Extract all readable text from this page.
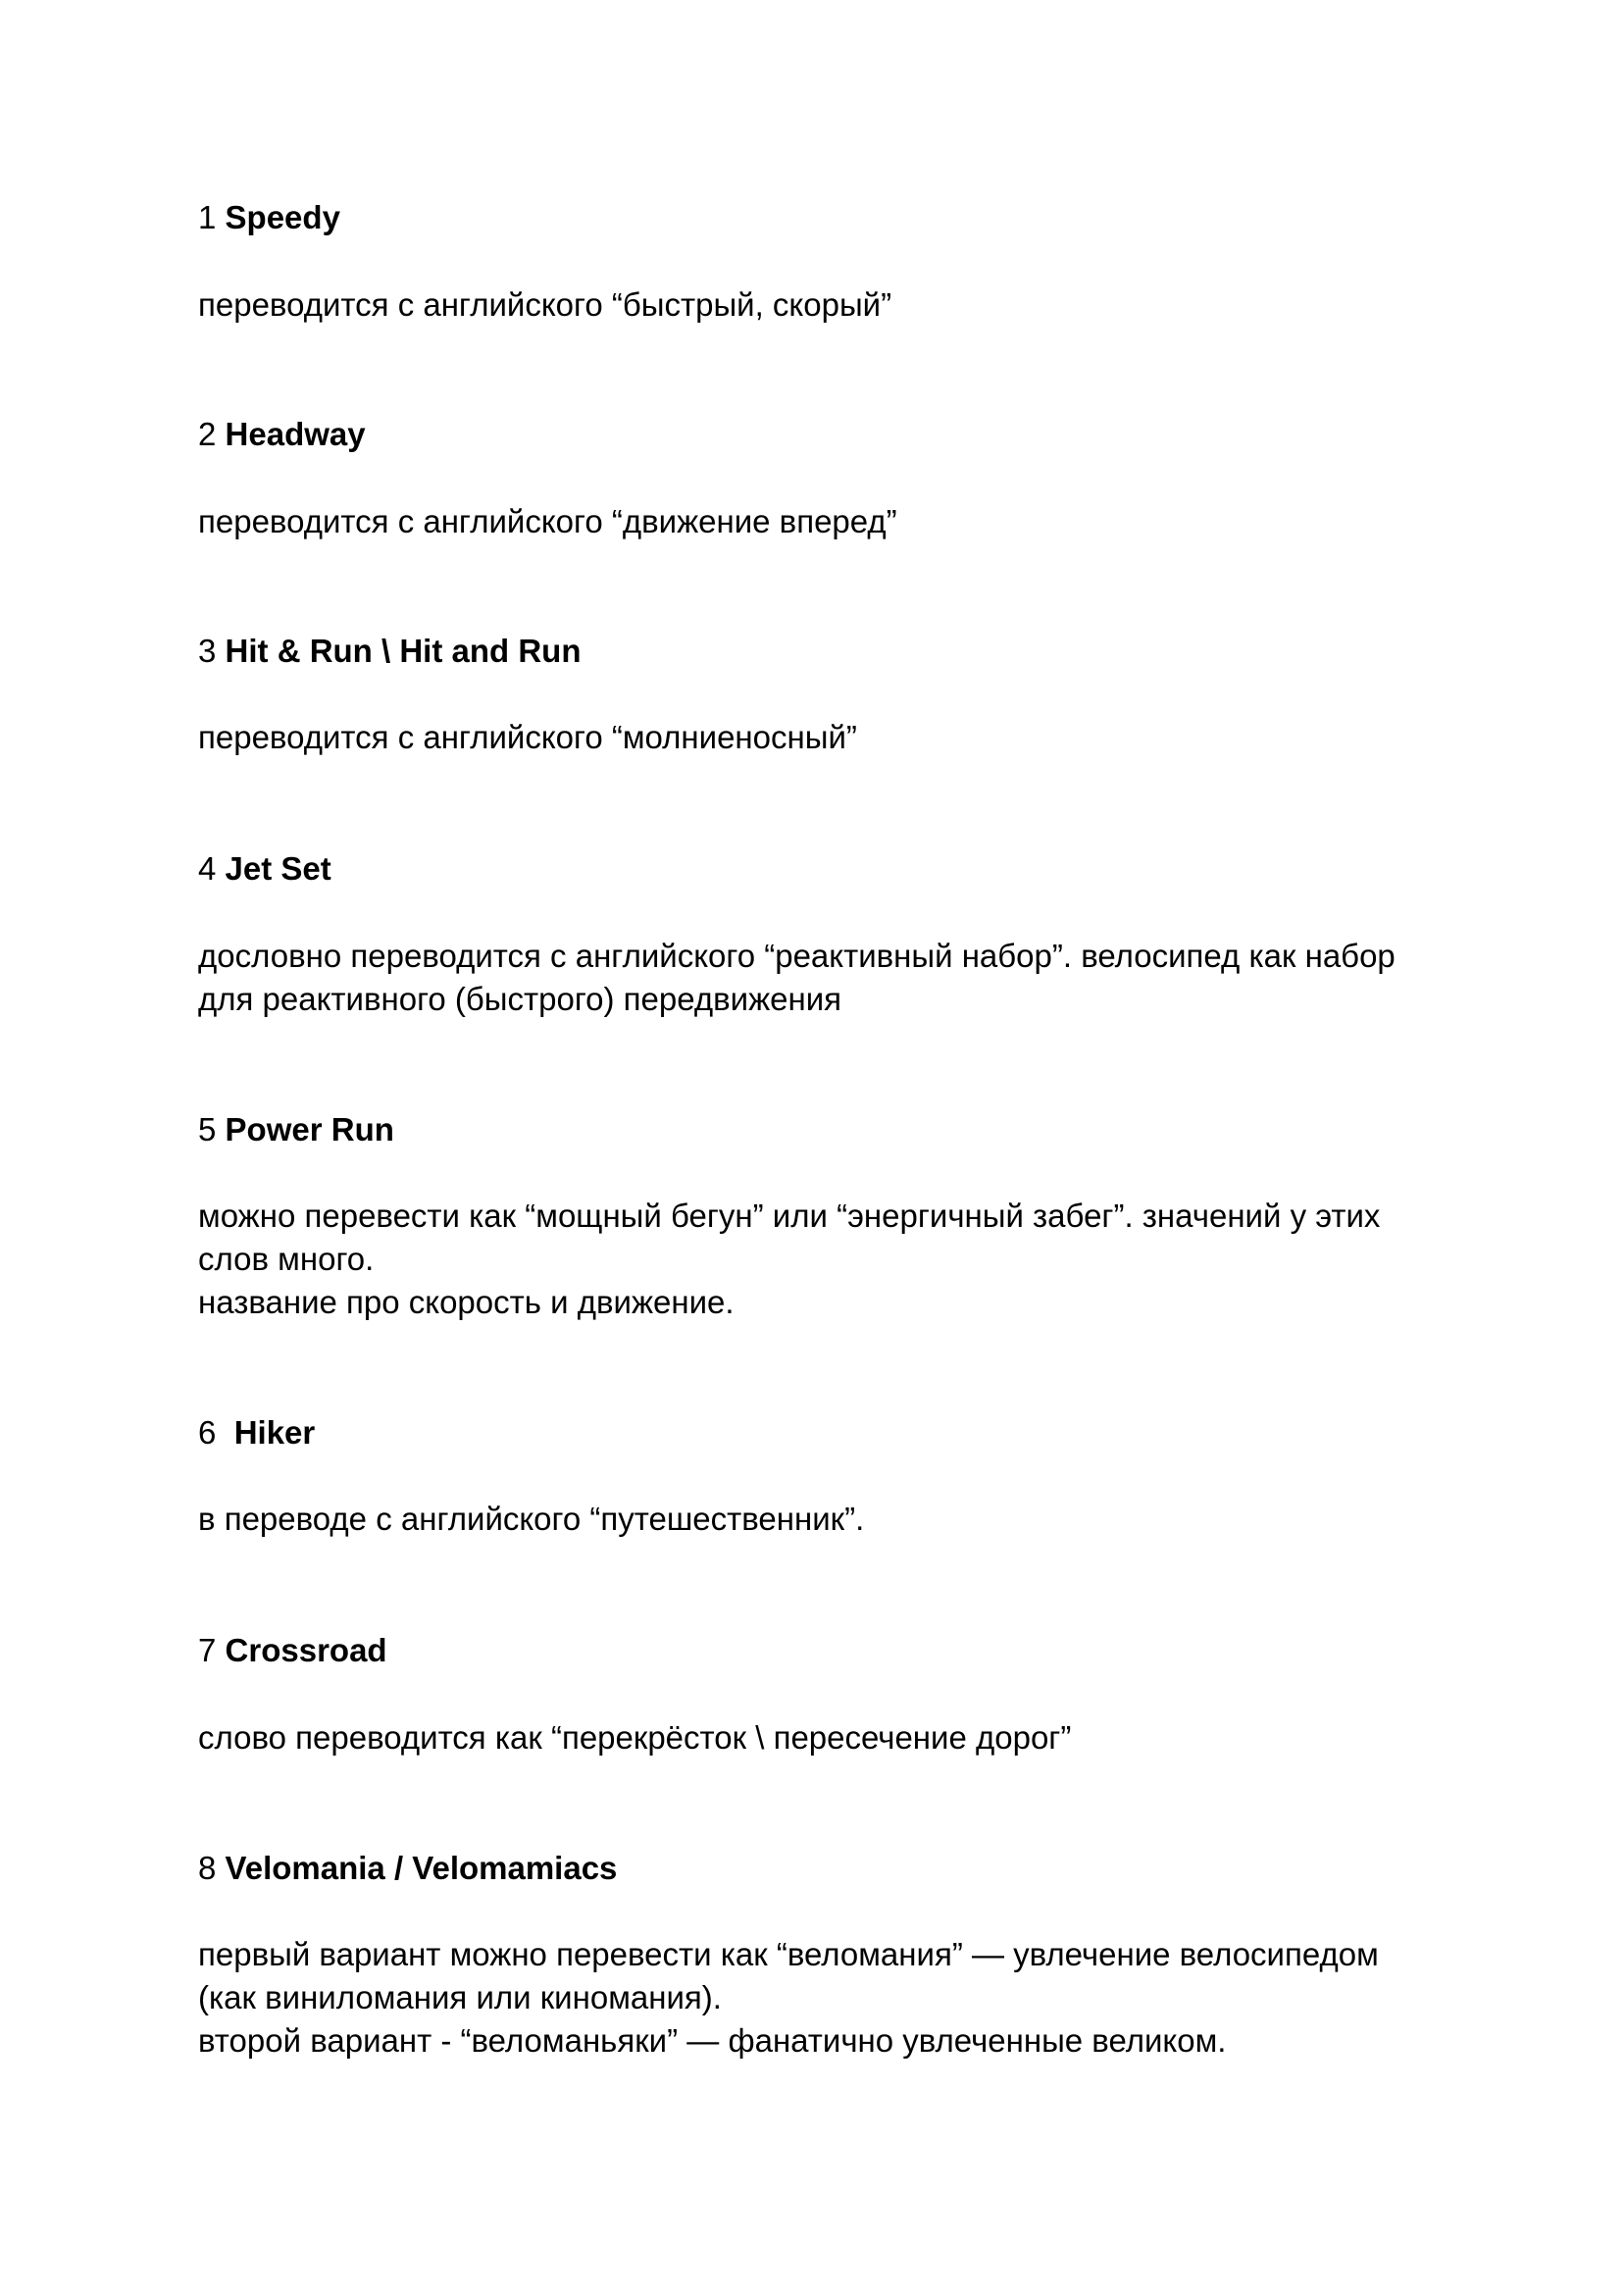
1 Speedy
переводится с английского “быстрый, скорый”
2 Headway
переводится с английского “движение вперед”
3 Hit & Run \ Hit and Run
переводится с английского “молниеносный”
4 Jet Set
дословно переводится с английского “реактивный набор”. велосипед как набор
для реактивного (быстрого) передвижения
5 Power Run
можно перевести как “мощный бегун” или “энергичный забег”. значений у этих
слов много.
название про скорость и движение.
6  Hiker
в переводе с английского “путешественник”.
7 Crossroad
слово переводится как “перекрёсток \ пересечение дорог”
8 Velomania / Velomamiacs
первый вариант можно перевести как “веломания” — увлечение велосипедом
(как виниломания или киномания).
второй вариант - “веломаньяки” — фанатично увлеченные великом.
